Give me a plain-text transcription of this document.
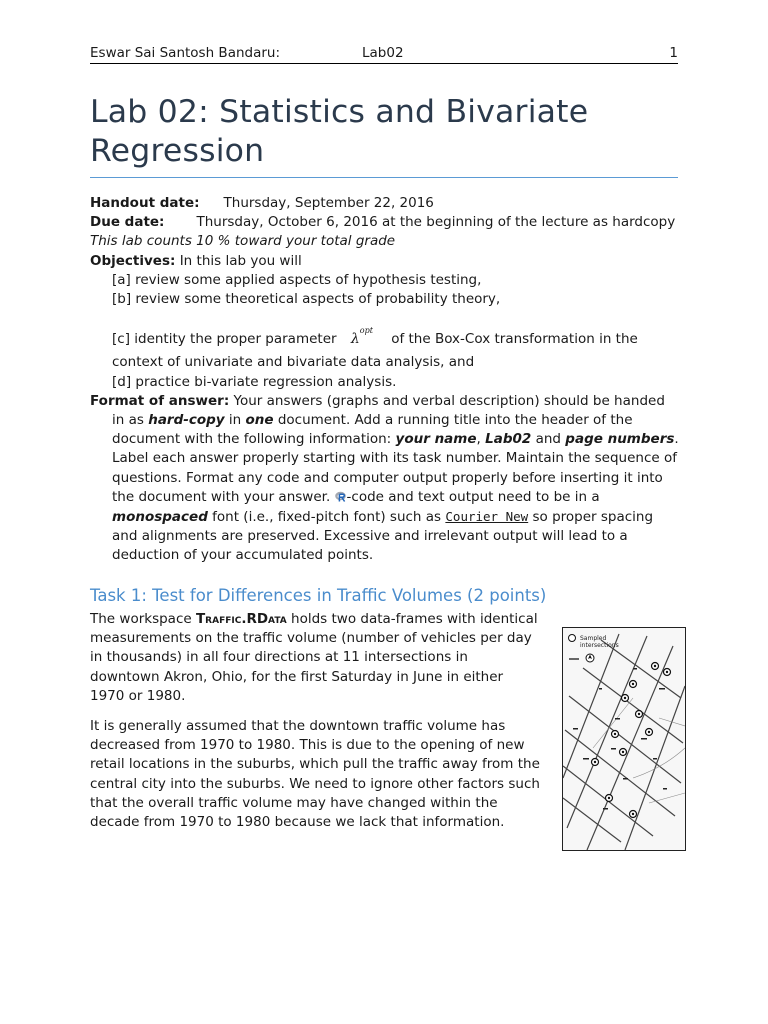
Eswar Sai Santosh Bandaru:	Lab02	1
Lab 02: Statistics and Bivariate Regression

Handout date: Thursday, September 22, 2016

Due date: Thursday, October 6, 2016 at the beginning of the lecture as hardcopy

This lab counts 10 % toward your total grade

Objectives: In this lab you will

[a] review some applied aspects of hypothesis testing,

[b] review some theoretical aspects of probability theory,

[c] identity the proper parameter $\lambda^{opt}$ of the Box-Cox transformation in the

context of univariate and bivariate data analysis, and

[d] practice bi-variate regression analysis.

Format of answer: Your answers (graphs and verbal description) should be handed in as hard-copy in one document. Add a running title into the header of the document with the following information: your name, Lab02 and page numbers. Label each answer properly starting with its task number. Maintain the sequence of questions. Format any code and computer output properly before inserting it into the document with your answer. -code and text output need to be in a monospaced font (i.e., fixed-pitch font) such as Courier New so proper spacing and alignments are preserved. Excessive and irrelevant output will lead to a deduction of your accumulated points.

Task 1: Test for Differences in Traffic Volumes (2 points)

The workspace Traffic.RData holds two data-frames with identical measurements on the traffic volume (number of vehicles per day in thousands) in all four directions at 11 intersections in downtown Akron, Ohio, for the first Saturday in June in either 1970 or 1980.

It is generally assumed that the downtown traffic volume has decreased from 1970 to 1980. This is due to the opening of new retail locations in the suburbs, which pull the traffic away from the central city into the suburbs. We need to ignore other factors such that the overall traffic volume may have changed within the decade from 1970 to 1980 because we lack that information.

Sampled
intersections
